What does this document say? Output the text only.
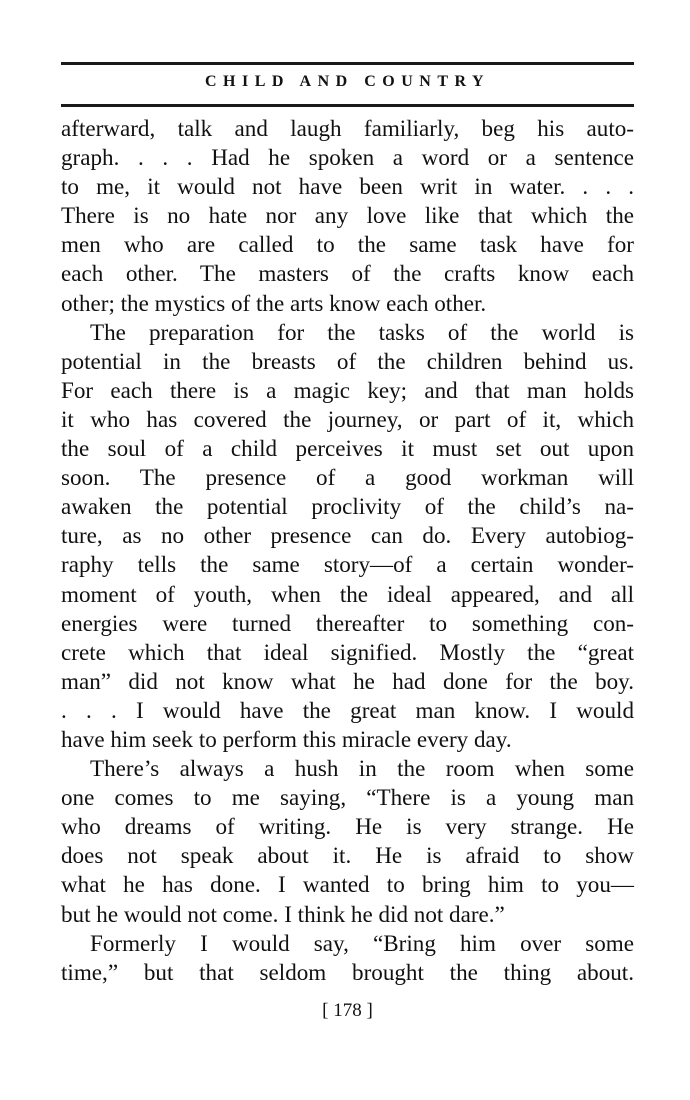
CHILD AND COUNTRY
afterward, talk and laugh familiarly, beg his auto-
graph. . . . Had he spoken a word or a sentence
to me, it would not have been writ in water. . . .
There is no hate nor any love like that which the
men who are called to the same task have for
each other. The masters of the crafts know each
other; the mystics of the arts know each other.
The preparation for the tasks of the world is
potential in the breasts of the children behind us.
For each there is a magic key; and that man holds
it who has covered the journey, or part of it, which
the soul of a child perceives it must set out upon
soon. The presence of a good workman will
awaken the potential proclivity of the child’s na-
ture, as no other presence can do. Every autobiog-
raphy tells the same story—of a certain wonder-
moment of youth, when the ideal appeared, and all
energies were turned thereafter to something con-
crete which that ideal signified. Mostly the “great
man” did not know what he had done for the boy.
. . . I would have the great man know. I would
have him seek to perform this miracle every day.
There’s always a hush in the room when some
one comes to me saying, “There is a young man
who dreams of writing. He is very strange. He
does not speak about it. He is afraid to show
what he has done. I wanted to bring him to you—
but he would not come. I think he did not dare.”
Formerly I would say, “Bring him over some
time,” but that seldom brought the thing about.
[ 178 ]
